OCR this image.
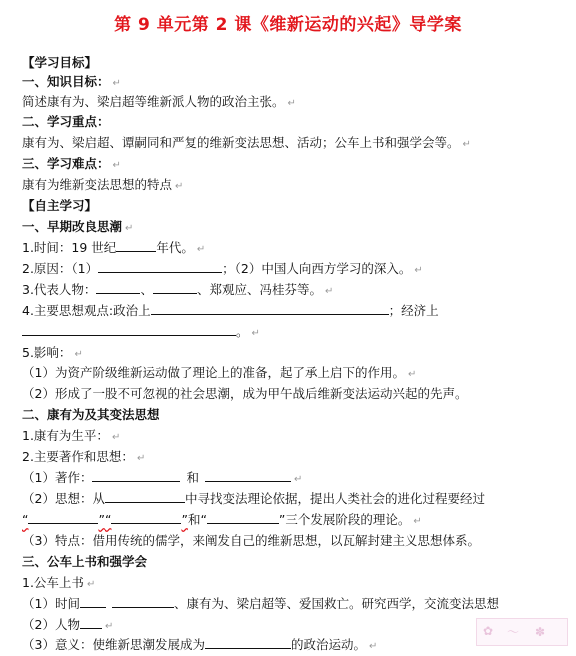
第 9 单元第 2 课《维新运动的兴起》导学案
【学习目标】
一、知识目标： ↵
简述康有为、梁启超等维新派人物的政治主张。 ↵
二、学习重点：
康有为、梁启超、谭嗣同和严复的维新变法思想、活动；公车上书和强学会等。 ↵
三、学习难点： ↵
康有为维新变法思想的特点 ↵
【自主学习】
一、早期改良思潮 ↵
1.时间：19 世纪	年代。 ↵
2.原因：（1）	；（2）中国人向西方学习的深入。 ↵
3.代表人物：	、	、郑观应、冯桂芬等。 ↵
4.主要思想观点:政治上	；经济上
。 ↵
5.影响： ↵
（1）为资产阶级维新运动做了理论上的准备，起了承上启下的作用。 ↵
（2）形成了一股不可忽视的社会思潮，成为甲午战后维新变法运动兴起的先声。
二、康有为及其变法思想
1.康有为生平： ↵
2.主要著作和思想： ↵
（1）著作：	和	↵
（2）思想：从	中寻找变法理论依据，提出人类社会的进化过程要经过
“	”“	”和“	”三个发展阶段的理论。 ↵
（3）特点：借用传统的儒学，来阐发自己的维新思想，以瓦解封建主义思想体系。
三、公车上书和强学会
1.公车上书 ↵
（1）时间	、康有为、梁启超等、爱国救亡。研究西学，交流变法思想
（2）人物	↵
（3）意义：使维新思潮发展成为	的政治运动。 ↵
✿ 〜 ✽
